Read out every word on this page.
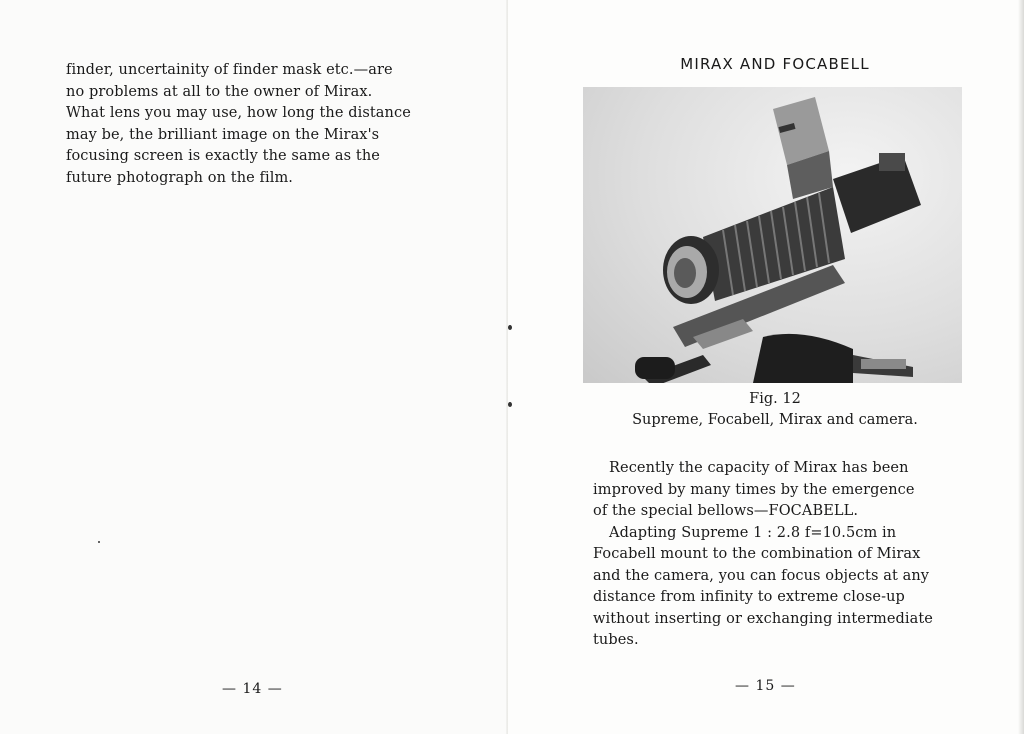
finder, uncertainity of finder mask etc.—are

no problems at all to the owner of Mirax.

What lens you may use, how long the distance

may be, the brilliant image on the Mirax's

focusing screen is exactly the same as the

future photograph on the film.

— 14 —
MIRAX AND FOCABELL
Fig. 12
Supreme, Focabell, Mirax and camera.

Recently the capacity of Mirax has been

improved by many times by the emergence

of the special bellows—FOCABELL.

Adapting Supreme 1 : 2.8 f=10.5cm in

Focabell mount to the combination of Mirax

and the camera, you can focus objects at any

distance from infinity to extreme close-up

without inserting or exchanging intermediate

tubes.

— 15 —
